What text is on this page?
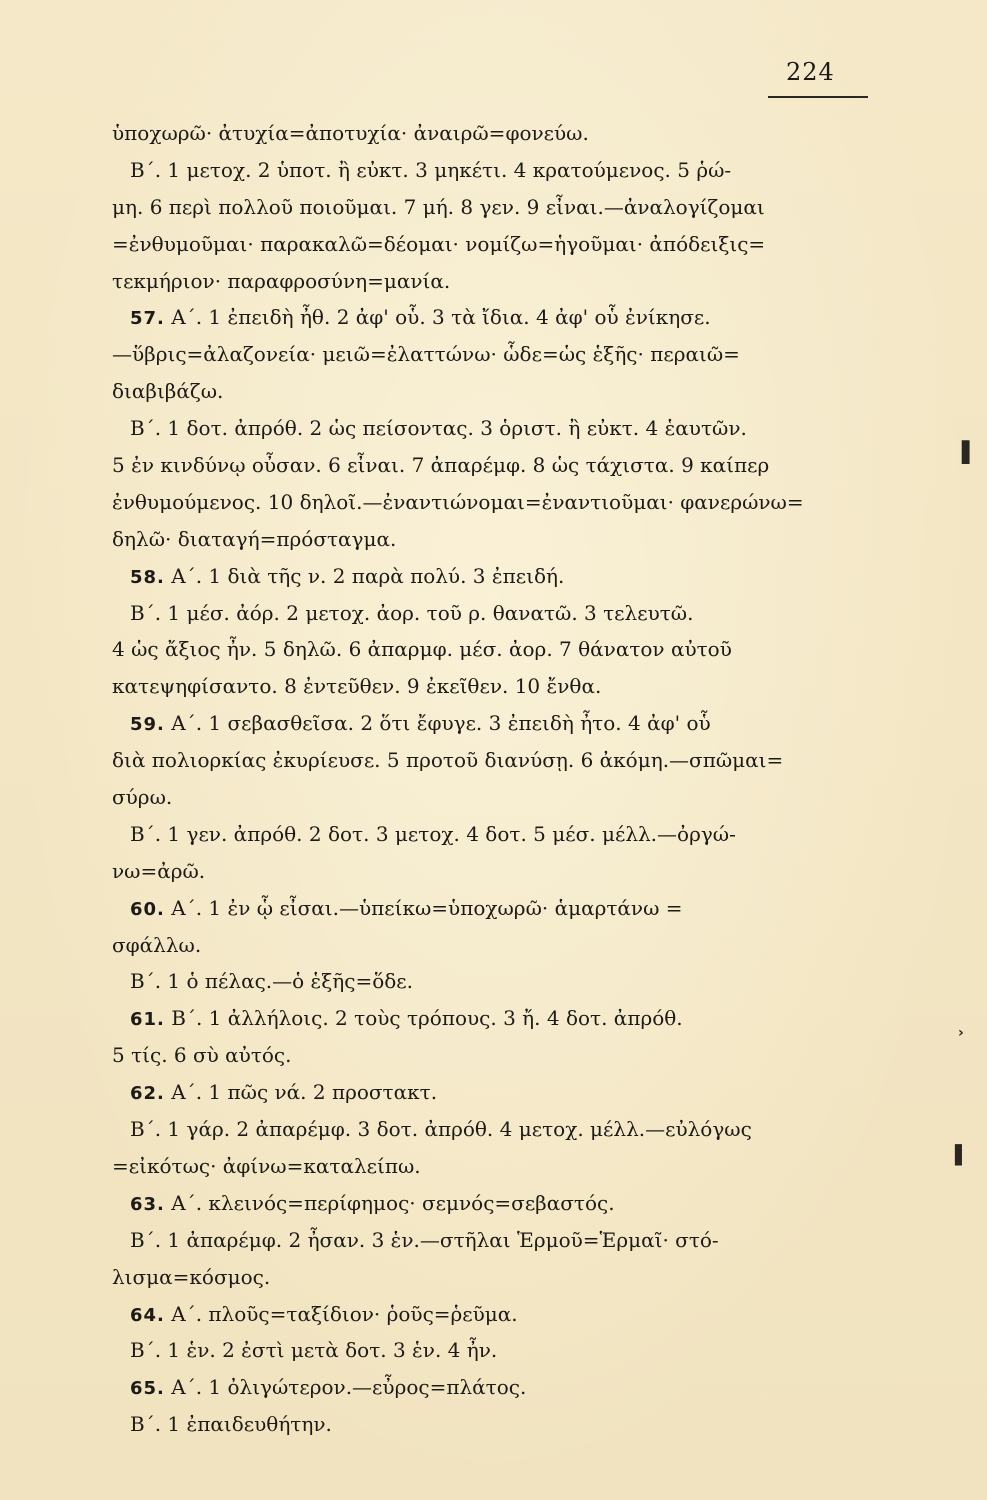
224
ὑποχωρῶ· ἀτυχία=ἀποτυχία· ἀναιρῶ=φονεύω.
Β΄. 1 μετοχ. 2 ὑποτ. ἢ εὐκτ. 3 μηκέτι. 4 κρατούμενος. 5 ῥώ-
μη. 6 περὶ πολλοῦ ποιοῦμαι. 7 μή. 8 γεν. 9 εἶναι.—ἀναλογίζομαι
=ἐνθυμοῦμαι· παρακαλῶ=δέομαι· νομίζω=ἡγοῦμαι· ἀπόδειξις=
τεκμήριον· παραφροσύνη=μανία.
57. Α΄. 1 ἐπειδὴ ἦθ. 2 ἀφ' οὗ. 3 τὰ ἴδια. 4 ἀφ' οὗ ἐνίκησε.
—ὕβρις=ἀλαζονεία· μειῶ=ἐλαττώνω· ὧδε=ὡς ἑξῆς· περαιῶ=
διαβιβάζω.
Β΄. 1 δοτ. ἀπρόθ. 2 ὡς πείσοντας. 3 ὁριστ. ἢ εὐκτ. 4 ἑαυτῶν.
5 ἐν κινδύνῳ οὖσαν. 6 εἶναι. 7 ἀπαρέμφ. 8 ὡς τάχιστα. 9 καίπερ
ἐνθυμούμενος. 10 δηλοῖ.—ἐναντιώνομαι=ἐναντιοῦμαι· φανερώνω=
δηλῶ· διαταγή=πρόσταγμα.
58. Α΄. 1 διὰ τῆς ν. 2 παρὰ πολύ. 3 ἐπειδή.
Β΄. 1 μέσ. ἀόρ. 2 μετοχ. ἀορ. τοῦ ρ. θανατῶ. 3 τελευτῶ.
4 ὡς ἄξιος ἦν. 5 δηλῶ. 6 ἀπαρμφ. μέσ. ἀορ. 7 θάνατον αὐτοῦ
κατεψηφίσαντο. 8 ἐντεῦθεν. 9 ἐκεῖθεν. 10 ἔνθα.
59. Α΄. 1 σεβασθεῖσα. 2 ὅτι ἔφυγε. 3 ἐπειδὴ ἦτο. 4 ἀφ' οὗ
διὰ πολιορκίας ἐκυρίευσε. 5 προτοῦ διανύσῃ. 6 ἀκόμη.—σπῶμαι=
σύρω.
Β΄. 1 γεν. ἀπρόθ. 2 δοτ. 3 μετοχ. 4 δοτ. 5 μέσ. μέλλ.—ὀργώ-
νω=ἀρῶ.
60. Α΄. 1 ἐν ᾧ εἶσαι.—ὑπείκω=ὑποχωρῶ· ἁμαρτάνω =
σφάλλω.
Β΄. 1 ὁ πέλας.—ὁ ἑξῆς=ὅδε.
61. Β΄. 1 ἀλλήλοις. 2 τοὺς τρόπους. 3 ἤ. 4 δοτ. ἀπρόθ.
5 τίς. 6 σὺ αὐτός.
62. Α΄. 1 πῶς νά. 2 προστακτ.
Β΄. 1 γάρ. 2 ἀπαρέμφ. 3 δοτ. ἀπρόθ. 4 μετοχ. μέλλ.—εὐλόγως
=εἰκότως· ἀφίνω=καταλείπω.
63. Α΄. κλεινός=περίφημος· σεμνός=σεβαστός.
Β΄. 1 ἀπαρέμφ. 2 ἦσαν. 3 ἑν.—στῆλαι Ἑρμοῦ=Ἑρμαῖ· στό-
λισμα=κόσμος.
64. Α΄. πλοῦς=ταξίδιον· ῥοῦς=ῥεῦμα.
Β΄. 1 ἑν. 2 ἐστὶ μετὰ δοτ. 3 ἑν. 4 ἦν.
65. Α΄. 1 ὀλιγώτερον.—εὖρος=πλάτος.
Β΄. 1 ἐπαιδευθήτην.
▌
▌
›
